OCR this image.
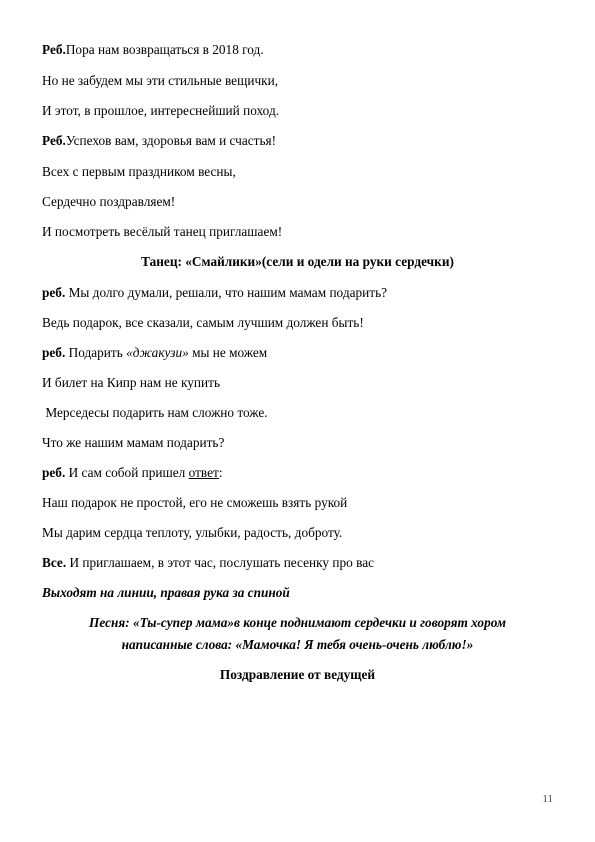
Реб.Пора нам возвращаться в 2018 год.
Но не забудем мы эти стильные вещички,
И этот, в прошлое, интереснейший поход.
Реб.Успехов вам, здоровья вам и счастья!
Всех с первым праздником весны,
Сердечно поздравляем!
И посмотреть весёлый танец приглашаем!
Танец: «Смайлики»(сели и одели на руки сердечки)
реб. Мы долго думали, решали, что нашим мамам подарить?
Ведь подарок, все сказали, самым лучшим должен быть!
реб. Подарить «джакузи» мы не можем
И билет на Кипр нам не купить
Мерседесы подарить нам сложно тоже.
Что же нашим мамам подарить?
реб. И сам собой пришел ответ:
Наш подарок не простой, его не сможешь взять рукой
Мы дарим сердца теплоту, улыбки, радость, доброту.
Все. И приглашаем, в этот час, послушать песенку про вас
Выходят на линии, правая рука за спиной
Песня: «Ты-супер мама»в конце поднимают сердечки и говорят хором
написанные слова: «Мамочка! Я тебя очень-очень люблю!»
Поздравление от ведущей
11
